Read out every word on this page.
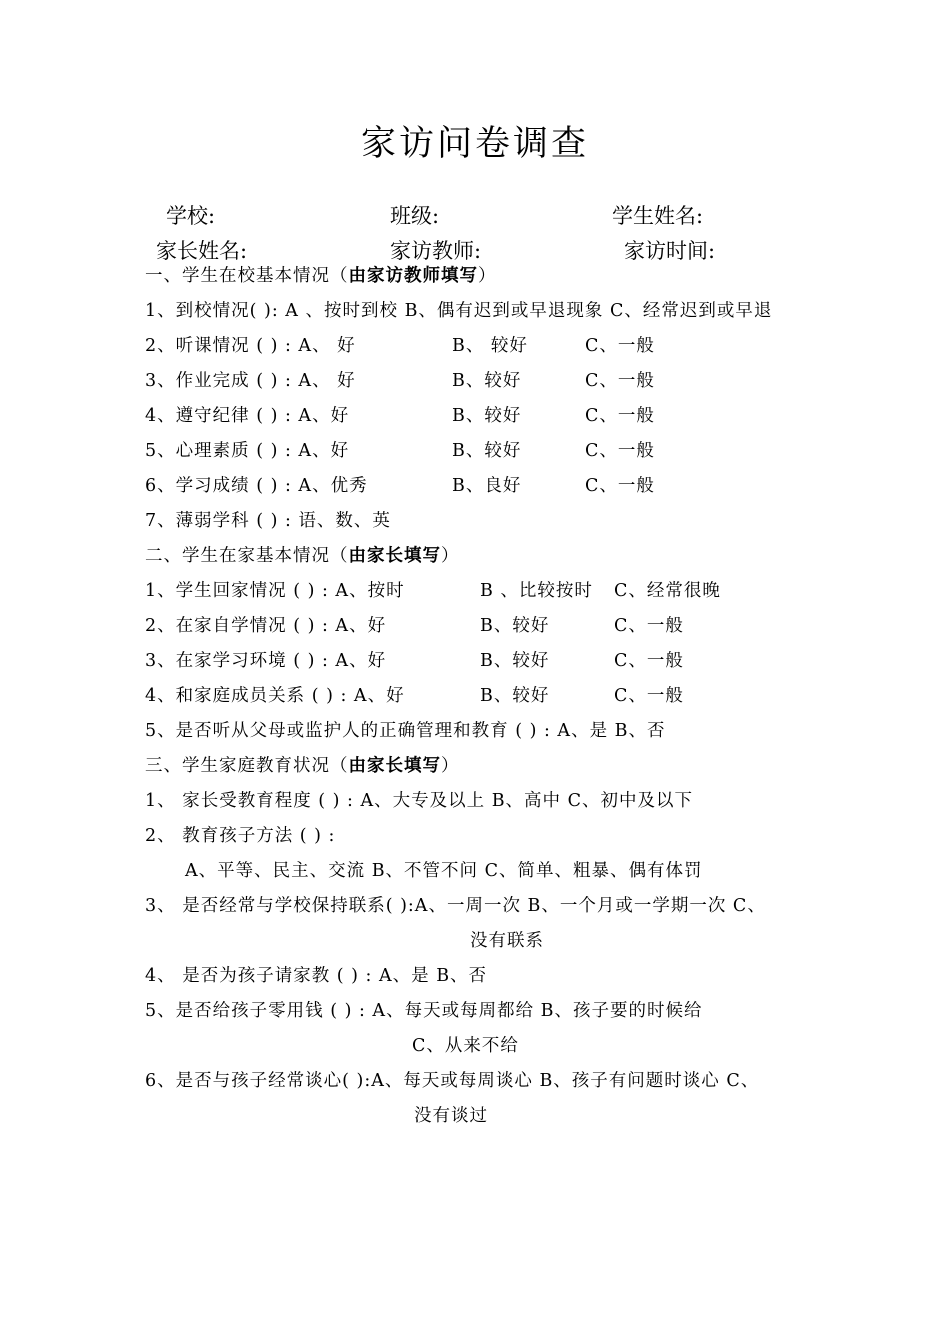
家访问卷调查
学校:	班级:	学生姓名:
家长姓名:	家访教师:	家访时间:
一、学生在校基本情况（由家访教师填写）
1、到校情况( ): A 、按时到校 B、偶有迟到或早退现象 C、经常迟到或早退
2、听课情况 ( ) : A、 好	B、 较好	C、一般
3、作业完成 ( ) : A、 好	B、较好	C、一般
4、遵守纪律 ( ) : A、好	B、较好	C、一般
5、心理素质 ( ) : A、好	B、较好	C、一般
6、学习成绩 ( ) : A、优秀	B、良好	C、一般
7、薄弱学科 ( ) : 语、数、英
二、学生在家基本情况（由家长填写）
1、学生回家情况 ( ) : A、按时	B 、比较按时 C、经常很晚
2、在家自学情况 ( ) : A、好	B、较好	C、一般
3、在家学习环境 ( ) : A、好	B、较好	C、一般
4、和家庭成员关系 ( ) : A、好	B、较好	C、一般
5、是否听从父母或监护人的正确管理和教育 ( ) : A、是 B、否
三、学生家庭教育状况（由家长填写）
1、 家长受教育程度 ( ) : A、大专及以上 B、高中 C、初中及以下
2、 教育孩子方法 ( ) :
A、平等、民主、交流 B、不管不问 C、简单、粗暴、偶有体罚
3、 是否经常与学校保持联系( ):A、一周一次 B、一个月或一学期一次 C、
没有联系
4、 是否为孩子请家教 ( ) : A、是 B、否
5、是否给孩子零用钱 ( ) : A、每天或每周都给 B、孩子要的时候给
C、从来不给
6、是否与孩子经常谈心( ):A、每天或每周谈心 B、孩子有问题时谈心 C、
没有谈过
